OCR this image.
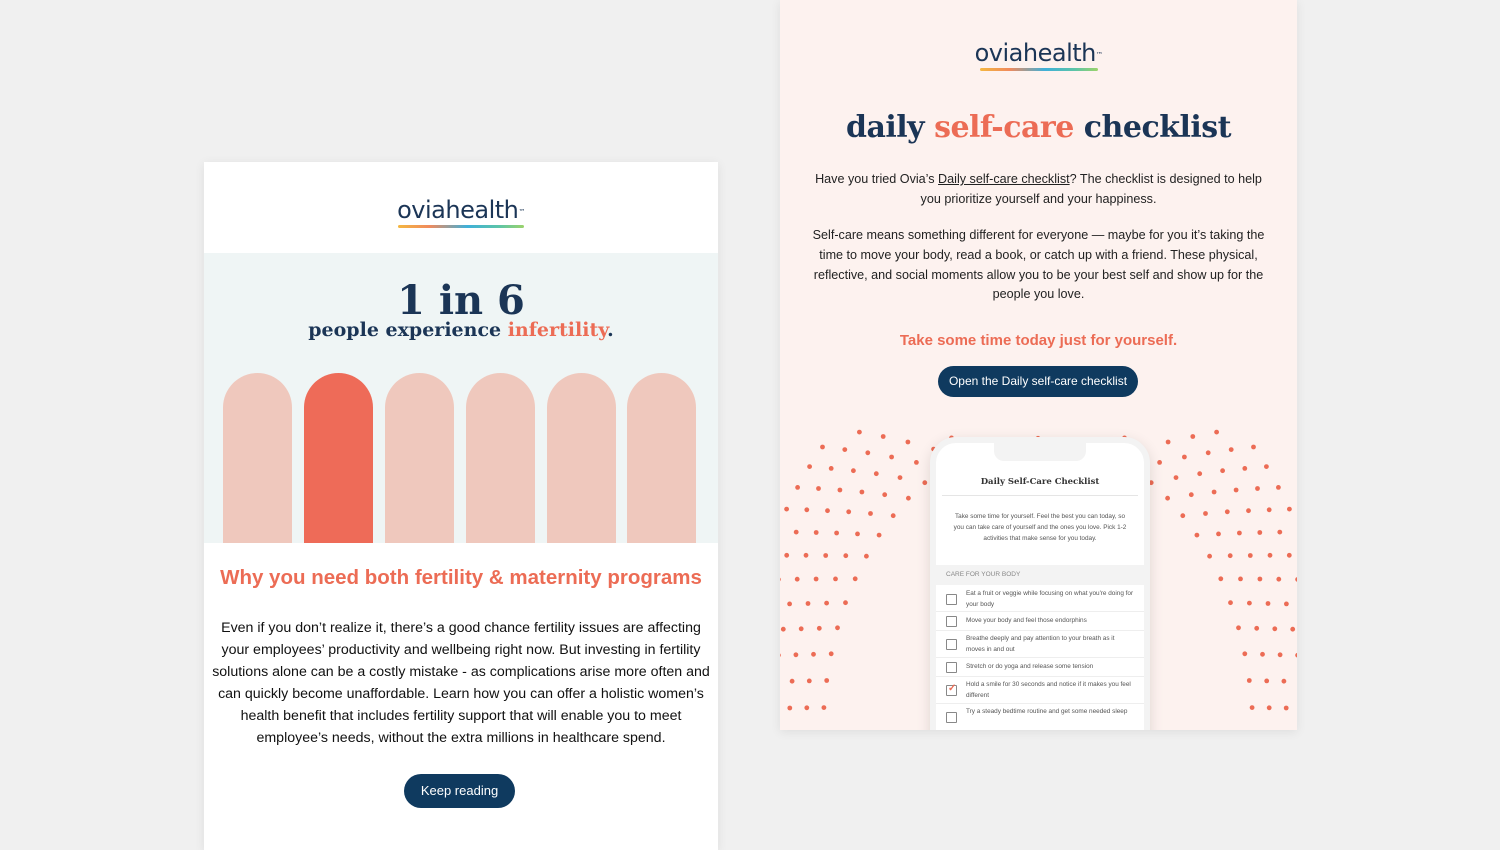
oviahealth™
1 in 6
people experience infertility.
Why you need both fertility & maternity programs
Even if you don’t realize it, there’s a good chance fertility issues are affecting your employees’ productivity and wellbeing right now. But investing in fertility solutions alone can be a costly mistake - as complications arise more often and can quickly become unaffordable. Learn how you can offer a holistic women’s health benefit that includes fertility support that will enable you to meet employee’s needs, without the extra millions in healthcare spend.
Keep reading
oviahealth™
daily self-care checklist
Have you tried Ovia’s Daily self-care checklist? The checklist is designed to help you prioritize yourself and your happiness.
Self-care means something different for everyone — maybe for you it’s taking the time to move your body, read a book, or catch up with a friend. These physical, reflective, and social moments allow you to be your best self and show up for the people you love.
Take some time today just for yourself.
Open the Daily self-care checklist
Daily Self-Care Checklist
Take some time for yourself. Feel the best you can today, so you can take care of yourself and the ones you love. Pick 1-2 activities that make sense for you today.
CARE FOR YOUR BODY
Eat a fruit or veggie while focusing on what you're doing for your body
Move your body and feel those endorphins
Breathe deeply and pay attention to your breath as it moves in and out
Stretch or do yoga and release some tension
✓ Hold a smile for 30 seconds and notice if it makes you feel different
Try a steady bedtime routine and get some needed sleep
